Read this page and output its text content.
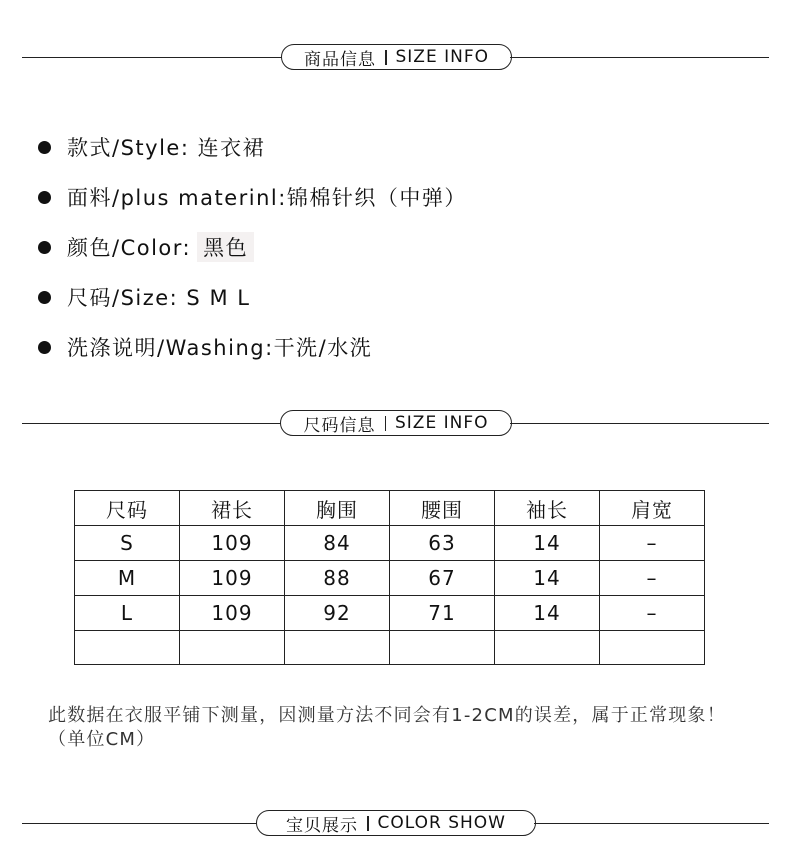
商品信息 SIZE INFO
款式/Style: 连衣裙
面料/plus materinl:锦棉针织（中弹）
颜色/Color: 黑色
尺码/Size: S M L
洗涤说明/Washing:干洗/水洗
尺码信息 SIZE INFO
尺码	裙长	胸围	腰围	袖长	肩宽
S	109	84	63	14	–
M	109	88	67	14	–
L	109	92	71	14	–

此数据在衣服平铺下测量，因测量方法不同会有1-2CM的误差，属于正常现象！（单位CM）
宝贝展示 COLOR SHOW
